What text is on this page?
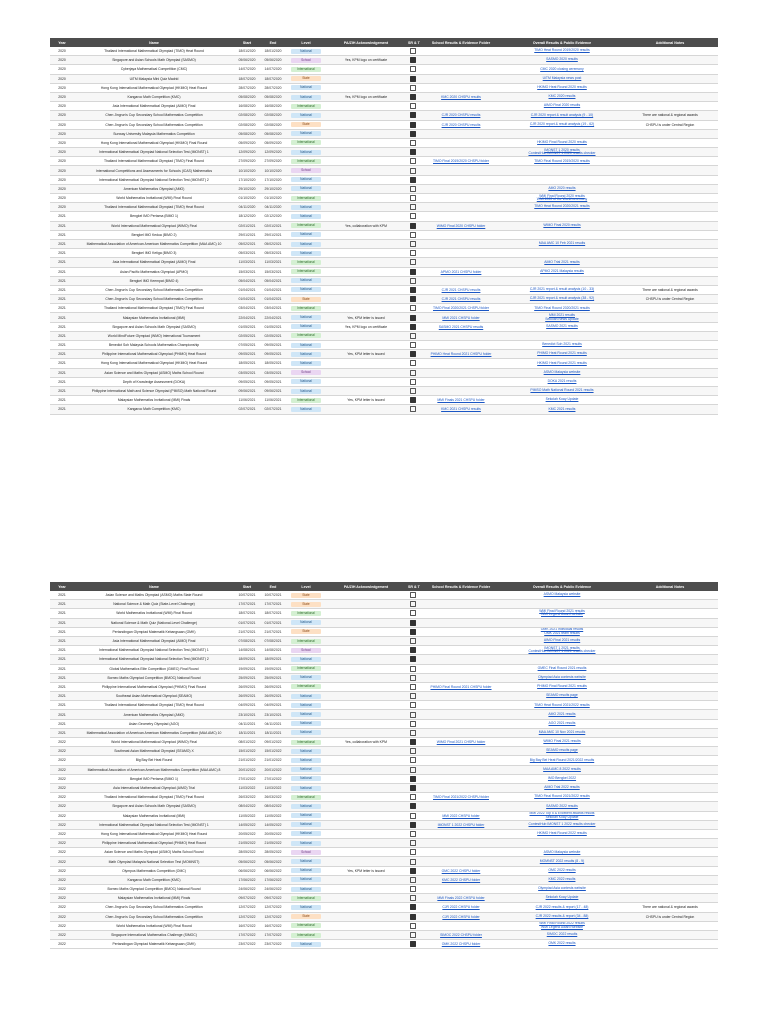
Year	Name	Start	End	Level	PA/ZIH Acknowledgement	SR & T	School Results & Evidence Folder	Overall Results & Public Evidence	Additional Notes
2020	Thailand International Mathematical Olympiad (TIMO) Heat Round	18/01/2020	18/01/2020	National				TIMO Heat Round 2019/2020 results	

2020	Singapore and Asian Schools Math Olympiad (SASMO)	05/06/2020	05/06/2020	School	Yes, KPM logo on certificate			SASMO 2020 results	

2020	Cyberjaya Mathematical Competition (CMC)	14/07/2020	14/07/2020	International				CMC 2020 closing ceremony	

2020	UiTM Malaysia Mini Quiz Madrid	18/07/2020	18/07/2020	State				UiTM Malaysia news post	

2020	Hong Kong International Mathematical Olympiad (HKIMO) Heat Round	28/07/2020	28/07/2020	National				HKIMO Heat Round 2020 results	

2020	Kangaroo Math Competition (KMC)	05/08/2020	05/08/2020	National	Yes, KPM logo on certificate		KMC 2020 CHSPU results	KMC 2020 results	

2020	Asia International Mathematical Olympiad (AIMO) Final	16/08/2020	16/08/2020	International				AIMO Final 2020 results	

2020	Chen Jingrun's Cup Secondary School Mathematics Competition	02/08/2020	02/08/2020	National			CJR 2020 CHSPU results	CJR 2020 report & result analysis (9 - 10)	There are national & regional awards
2020	Chen Jingrun's Cup Secondary School Mathematics Competition	02/08/2020	02/08/2020	State			CJR 2020 CHSPU results	CJR 2020 report & result analysis (19 - 62)	CHSPU is under Central Region
2020	Sunway University Malaysia Mathematics Competition	05/08/2020	05/08/2020	National				

2020	Hong Kong International Mathematical Olympiad (HKIMO) Final Round	05/09/2020	05/09/2020	International				HKIMO Final Round 2020 results	

2020	International Mathematical Olympiad National Selection Test (IMONST) 1	12/09/2020	12/09/2020	National				IMONST 1 2020 results
ContestHub IMONST 1 2020 results checker	

2020	Thailand International Mathematical Olympiad (TIMO) Final Round	27/09/2020	27/09/2020	International			TIMO Final 2019/2020 CHSPU folder	TIMO Final Round 2019/2020 results	

2020	International Competitions and Assessments for Schools (ICAS) Mathematics	10/10/2020	10/10/2020	School				

2020	International Mathematical Olympiad National Selection Test (IMONST) 2	17/10/2020	17/10/2020	National				

2020	American Mathematics Olympiad (AMO)	29/10/2020	29/10/2020	National				AMO 2020 results	

2020	World Mathematics Invitational (WMI) Final Round	01/10/2020	01/10/2020	International				WMI Final Round 2020 results
WMI 2020 of the World ceremony	

2020	Thailand International Mathematical Olympiad (TIMO) Heat Round	04/11/2020	04/11/2020	National				TIMO Heat Round 2020/2021 results	

2021	Bengkel IMO Pertama (BIMO 1)	18/12/2020	02/12/2020	National				

2021	World International Mathematical Olympiad (WIMO) Final	02/01/2021	02/01/2021	International	Yes, collaboration with KPM		WIMO Final 2020 CHSPU folder	WIMO Final 2020 results	

2021	Bengkel IMO Kedua (BIMO 2)	29/01/2021	29/01/2021	National				

2021	Mathematical Association of American American Mathematics Competition (MAA AMC) 10	05/02/2021	05/02/2021	National				MAA AMC 10 Feb 2021 results	

2021	Bengkel IMO Ketiga (BIMO 3)	05/03/2021	05/03/2021	National				

2021	Asia International Mathematical Olympiad (AIMO) Final	11/03/2021	11/03/2021	International				AIMO Trial 2021 results	

2021	Asian Pacific Mathematics Olympiad (APMO)	15/03/2021	15/03/2021	International			APMO 2021 CHSPU folder	APMO 2021 Malaysia results	

2021	Bengkel IMO Keempat (BIMO 4)	05/04/2021	05/04/2021	National				

2021	Chen Jingrun's Cup Secondary School Mathematics Competition	01/04/2021	01/04/2021	National			CJR 2021 CHSPU results	CJR 2021 report & result analysis (10 - 33)	There are national & regional awards
2021	Chen Jingrun's Cup Secondary School Mathematics Competition	01/04/2021	01/04/2021	State			CJR 2021 CHSPU results	CJR 2021 report & result analysis (38 - 92)	CHSPU is under Central Region
2021	Thailand International Mathematical Olympiad (TIMO) Final Round	03/04/2021	03/04/2021	International			TIMO Final 2020/2021 CHSPU folder	TIMO Final Round 2020/2021 results	

2021	Malaysian Mathematics Invitational (MMI)	22/04/2021	22/04/2021	National	Yes, KPM letter is issued		MMI 2021 CHSPU folder	MMI 2021 results
Sekolah News Update	

2021	Singapore and Asian Schools Math Olympiad (SASMO)	01/05/2021	01/05/2021	National	Yes, KPM logo on certificate		SASMO 2021 CHSPU results	SASMO 2021 results	

2021	World MindFuture Olympiad (WMO) International Tournament	02/05/2021	02/05/2021	International				

2021	Benedict Soh Malaysia Schools Mathematics Championship	07/05/2021	09/05/2021	National				Benedict Soh 2021 results	

2021	Philippine International Mathematical Olympiad (PHIMO) Heat Round	09/05/2021	09/05/2021	National	Yes, KPM letter is issued		PHIMO Heat Round 2021 CHSPU folder	PHIMO Heat Round 2021 results	

2021	Hong Kong International Mathematical Olympiad (HKIMO) Heat Round	18/05/2021	18/05/2021	National				HKIMO Heat Round 2021 results	

2021	Asian Science and Maths Olympiad (ASMO) Maths School Round	03/05/2021	03/05/2021	School				ASMO Malaysia website	

2021	Depth of Knowledge Assessment (DOKA)	09/05/2021	09/05/2021	National				DOKA 2021 results	

2021	Philippine International Math and Science Olympiad (PIMSO) Math National Round	09/06/2021	09/06/2021	National				PIMSO Math National Round 2021 results	

2021	Malaysian Mathematics Invitational (MMI) Finals	11/06/2021	11/06/2021	International	Yes, KPM letter is issued		MMI Finals 2021 CHSPU folder	Sekolah Koay Update	

2021	Kangaroo Math Competition (KMC)	02/07/2021	02/07/2021	National			KMC 2021 CHSPU results	KMC 2021 results	

Year	Name	Start	End	Level	PA/ZIH Acknowledgement	SR & T	School Results & Evidence Folder	Overall Results & Public Evidence	Additional Notes
2021	Asian Science and Maths Olympiad (ASMO) Maths State Round	10/07/2021	10/07/2021	State				ASMO Malaysia website	

2021	National Science & Math Quiz (State-Level Challenge)	17/07/2021	17/07/2021	State				

2021	World Mathematics Invitational (WMI) Final Round	18/07/2021	18/07/2021	International				WMI Final Round 2021 results
WMI Legend Award website	

2021	National Science & Math Quiz (National-Level Challenge)	01/07/2021	01/07/2021	National				

2021	Pertandingan Olympiad Matematik Kebangsaan (OMK)	21/07/2021	21/07/2021	State				OMK 2021 Individual results
OMK 2021 team results	

2021	Asia International Mathematical Olympiad (AIMO) Final	07/08/2021	07/08/2021	International				AIMO Final 2021 results	

2021	International Mathematical Olympiad National Selection Test (IMONST) 1	14/08/2021	14/08/2021	School				IMONST 1 2021 results
ContestHub IMONST 1 2021 results checker	

2021	International Mathematical Olympiad National Selection Test (IMONST) 2	18/09/2021	18/09/2021	National				

2021	Global Mathematics Elite Competition (GMEC) Final Round	19/09/2021	19/09/2021	International				GMEC Final Round 2021 results	

2021	Borneo Maths Olympiad Competition (BMOC) National Round	25/09/2021	25/09/2021	National				Olympiad Asia contests website	

2021	Philippine International Mathematical Olympiad (PHIMO) Final Round	26/09/2021	26/09/2021	International			PHIMO Final Round 2021 CHSPU folder	PHIMO Final Round 2021 results	

2021	Southeast Asian Mathematical Olympiad (SEAMO)	26/09/2021	26/09/2021	National				SEAMO results page	

2021	Thailand International Mathematical Olympiad (TIMO) Heat Round	04/09/2021	04/09/2021	National				TIMO Heat Round 2021/2022 results	

2021	American Mathematics Olympiad (AMO)	23/10/2021	23/10/2021	National				AMO 2021 results	

2021	Asian Geometry Olympiad (AGO)	04/11/2021	04/11/2021	National				AGO 2021 results	

2021	Mathematical Association of American American Mathematics Competition (MAA AMC) 10	18/11/2021	18/11/2021	National				MAA AMC 10 Nov 2021 results	

2022	World International Mathematical Olympiad (WIMO) Final	08/01/2022	09/01/2022	International	Yes, collaboration with KPM		WIMO Final 2021 CHSPU folder	WIMO Final 2021 results	

2022	Southeast Asian Mathematical Olympiad (SEAMO) X	15/01/2022	15/01/2022	National				SEAMO results page	

2022	Big Bay Bei Heat Round	21/01/2022	21/01/2022	National				Big Bay Bei Heat Round 2021/2022 results	

2022	Mathematical Association of American American Mathematics Competition (MAA AMC) 8	20/01/2022	20/01/2022	National				MAA AMC 8 2022 results	

2022	Bengkel IMO Pertama (BIMO 1)	27/01/2022	27/01/2022	National				IMO Bengkel 2022	

2022	Asia International Mathematical Olympiad (AIMO) Trial	11/03/2022	11/03/2022	National				AIMO Trial 2022 results	

2022	Thailand International Mathematical Olympiad (TIMO) Final Round	26/03/2022	26/03/2022	International			TIMO Final 2021/2022 CHSPU folder	TIMO Final Round 2021/2022 results	

2022	Singapore and Asian Schools Math Olympiad (SASMO)	08/04/2022	08/04/2022	National				SASMO 2022 results	

2022	Malaysian Mathematics Invitational (MMI)	11/05/2022	11/05/2022	National			MMI 2022 CHSPU folder	MMI 2022 Top 5 & Excellent awards results
Sekolah Koay Update	

2022	International Mathematical Olympiad National Selection Test (IMONST) 1	14/05/2022	14/05/2022	National			IMONST 1 2022 CHSPU folder	ContestHub IMONST 1 2022 results checker	

2022	Hong Kong International Mathematical Olympiad (HKIMO) Heat Round	20/05/2022	20/05/2022	National				HKIMO Heat Round 2022 results	

2022	Philippine International Mathematical Olympiad (PHIMO) Heat Round	21/05/2022	21/05/2022	National				

2022	Asian Science and Maths Olympiad (ASMO) Maths School Round	28/05/2022	28/05/2022	School				ASMO Malaysia website	

2022	Math Olympiad Malaysia National Selection Test (MOMNST)	05/06/2022	05/06/2022	National				MOMNST 2022 results (8 - 9)	

2022	Olympus Mathematics Competition (OMC)	06/06/2022	06/06/2022	National	Yes, KPM letter is issued		OMC 2022 CHSPU folder	OMC 2022 results	

2022	Kangaroo Math Competition (KMC)	17/06/2022	17/06/2022	National			KMC 2022 CHSPU folder	KMC 2022 results	

2022	Borneo Maths Olympiad Competition (BMOC) National Round	24/06/2022	24/06/2022	National				Olympiad Asia contests website	

2022	Malaysian Mathematics Invitational (MMI) Finals	09/07/2022	09/07/2022	International			MMI Finals 2022 CHSPU folder	Sekolah Koay Update	

2022	Chen Jingrun's Cup Secondary School Mathematics Competition	12/07/2022	12/07/2022	National			CJR 2022 CHSPU folder	CJR 2022 results & report (17 - 48)	There are national & regional awards
2022	Chen Jingrun's Cup Secondary School Mathematics Competition	12/07/2022	12/07/2022	State			CJR 2022 CHSPU folder	CJR 2022 results & report (34 - 88)	CHSPU is under Central Region
2022	World Mathematics Invitational (WMI) Final Round	16/07/2022	16/07/2022	International				WMI Final Round 2022 results
WMI Legend Award website	

2022	Singapore International Mathematics Challenge (SIMOC)	17/07/2022	17/07/2022	International			SIMOC 2022 CHSPU folder	SIMOC 2022 results	

2022	Pertandingan Olympiad Matematik Kebangsaan (OMK)	23/07/2022	23/07/2022	National			OMK 2022 CHSPU folder	OMK 2022 results	
